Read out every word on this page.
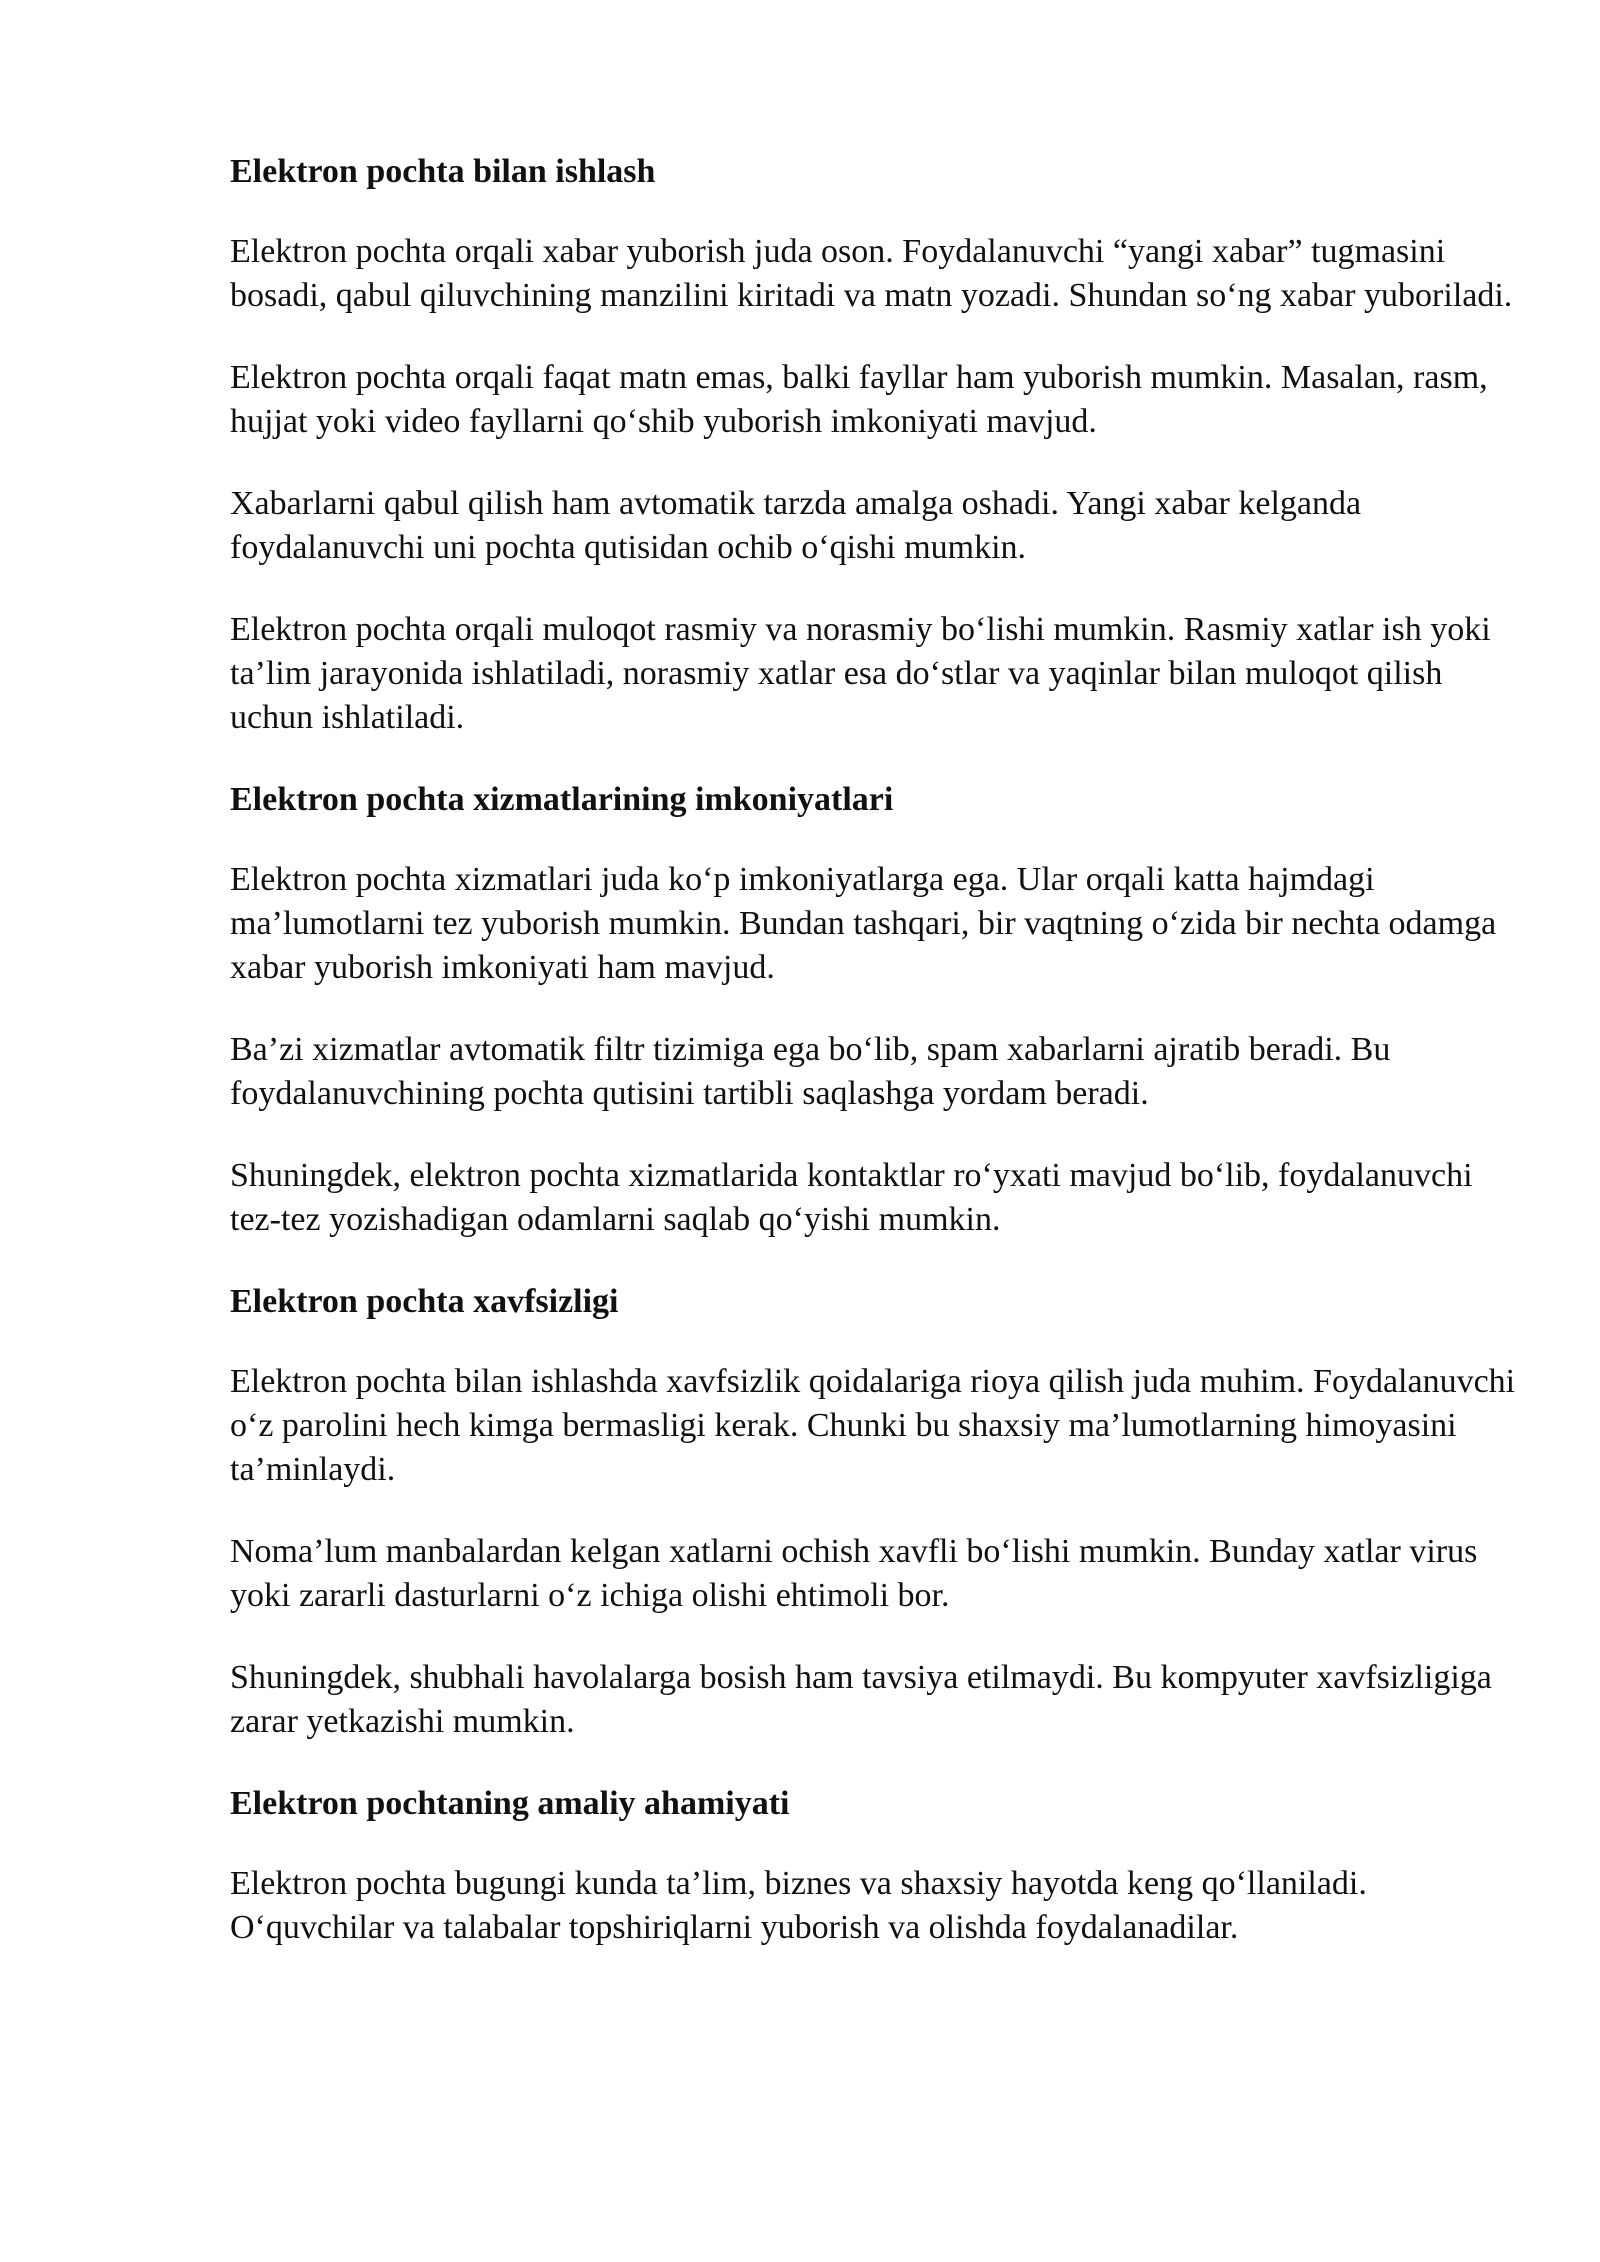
Elektron pochta bilan ishlash

Elektron pochta orqali xabar yuborish juda oson. Foydalanuvchi “yangi xabar” tugmasini bosadi, qabul qiluvchining manzilini kiritadi va matn yozadi. Shundan so‘ng xabar yuboriladi.

Elektron pochta orqali faqat matn emas, balki fayllar ham yuborish mumkin. Masalan, rasm, hujjat yoki video fayllarni qo‘shib yuborish imkoniyati mavjud.

Xabarlarni qabul qilish ham avtomatik tarzda amalga oshadi. Yangi xabar kelganda foydalanuvchi uni pochta qutisidan ochib o‘qishi mumkin.

Elektron pochta orqali muloqot rasmiy va norasmiy bo‘lishi mumkin. Rasmiy xatlar ish yoki ta’lim jarayonida ishlatiladi, norasmiy xatlar esa do‘stlar va yaqinlar bilan muloqot qilish uchun ishlatiladi.

Elektron pochta xizmatlarining imkoniyatlari

Elektron pochta xizmatlari juda ko‘p imkoniyatlarga ega. Ular orqali katta hajmdagi ma’lumotlarni tez yuborish mumkin. Bundan tashqari, bir vaqtning o‘zida bir nechta odamga xabar yuborish imkoniyati ham mavjud.

Ba’zi xizmatlar avtomatik filtr tizimiga ega bo‘lib, spam xabarlarni ajratib beradi. Bu foydalanuvchining pochta qutisini tartibli saqlashga yordam beradi.

Shuningdek, elektron pochta xizmatlarida kontaktlar ro‘yxati mavjud bo‘lib, foydalanuvchi tez-tez yozishadigan odamlarni saqlab qo‘yishi mumkin.

Elektron pochta xavfsizligi

Elektron pochta bilan ishlashda xavfsizlik qoidalariga rioya qilish juda muhim. Foydalanuvchi o‘z parolini hech kimga bermasligi kerak. Chunki bu shaxsiy ma’lumotlarning himoyasini ta’minlaydi.

Noma’lum manbalardan kelgan xatlarni ochish xavfli bo‘lishi mumkin. Bunday xatlar virus yoki zararli dasturlarni o‘z ichiga olishi ehtimoli bor.

Shuningdek, shubhali havolalarga bosish ham tavsiya etilmaydi. Bu kompyuter xavfsizligiga zarar yetkazishi mumkin.

Elektron pochtaning amaliy ahamiyati

Elektron pochta bugungi kunda ta’lim, biznes va shaxsiy hayotda keng qo‘llaniladi. O‘quvchilar va talabalar topshiriqlarni yuborish va olishda foydalanadilar.
